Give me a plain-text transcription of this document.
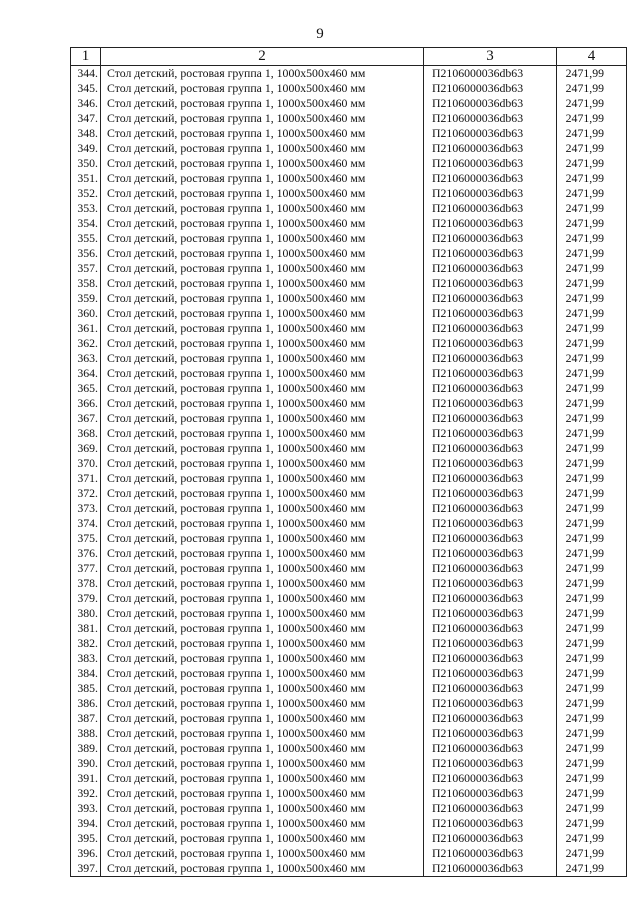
9
1	2	3	4
344.	Стол детский, ростовая группа 1, 1000х500х460 мм	П2106000036db63	2471,99
345.	Стол детский, ростовая группа 1, 1000х500х460 мм	П2106000036db63	2471,99
346.	Стол детский, ростовая группа 1, 1000х500х460 мм	П2106000036db63	2471,99
347.	Стол детский, ростовая группа 1, 1000х500х460 мм	П2106000036db63	2471,99
348.	Стол детский, ростовая группа 1, 1000х500х460 мм	П2106000036db63	2471,99
349.	Стол детский, ростовая группа 1, 1000х500х460 мм	П2106000036db63	2471,99
350.	Стол детский, ростовая группа 1, 1000х500х460 мм	П2106000036db63	2471,99
351.	Стол детский, ростовая группа 1, 1000х500х460 мм	П2106000036db63	2471,99
352.	Стол детский, ростовая группа 1, 1000х500х460 мм	П2106000036db63	2471,99
353.	Стол детский, ростовая группа 1, 1000х500х460 мм	П2106000036db63	2471,99
354.	Стол детский, ростовая группа 1, 1000х500х460 мм	П2106000036db63	2471,99
355.	Стол детский, ростовая группа 1, 1000х500х460 мм	П2106000036db63	2471,99
356.	Стол детский, ростовая группа 1, 1000х500х460 мм	П2106000036db63	2471,99
357.	Стол детский, ростовая группа 1, 1000х500х460 мм	П2106000036db63	2471,99
358.	Стол детский, ростовая группа 1, 1000х500х460 мм	П2106000036db63	2471,99
359.	Стол детский, ростовая группа 1, 1000х500х460 мм	П2106000036db63	2471,99
360.	Стол детский, ростовая группа 1, 1000х500х460 мм	П2106000036db63	2471,99
361.	Стол детский, ростовая группа 1, 1000х500х460 мм	П2106000036db63	2471,99
362.	Стол детский, ростовая группа 1, 1000х500х460 мм	П2106000036db63	2471,99
363.	Стол детский, ростовая группа 1, 1000х500х460 мм	П2106000036db63	2471,99
364.	Стол детский, ростовая группа 1, 1000х500х460 мм	П2106000036db63	2471,99
365.	Стол детский, ростовая группа 1, 1000х500х460 мм	П2106000036db63	2471,99
366.	Стол детский, ростовая группа 1, 1000х500х460 мм	П2106000036db63	2471,99
367.	Стол детский, ростовая группа 1, 1000х500х460 мм	П2106000036db63	2471,99
368.	Стол детский, ростовая группа 1, 1000х500х460 мм	П2106000036db63	2471,99
369.	Стол детский, ростовая группа 1, 1000х500х460 мм	П2106000036db63	2471,99
370.	Стол детский, ростовая группа 1, 1000х500х460 мм	П2106000036db63	2471,99
371.	Стол детский, ростовая группа 1, 1000х500х460 мм	П2106000036db63	2471,99
372.	Стол детский, ростовая группа 1, 1000х500х460 мм	П2106000036db63	2471,99
373.	Стол детский, ростовая группа 1, 1000х500х460 мм	П2106000036db63	2471,99
374.	Стол детский, ростовая группа 1, 1000х500х460 мм	П2106000036db63	2471,99
375.	Стол детский, ростовая группа 1, 1000х500х460 мм	П2106000036db63	2471,99
376.	Стол детский, ростовая группа 1, 1000х500х460 мм	П2106000036db63	2471,99
377.	Стол детский, ростовая группа 1, 1000х500х460 мм	П2106000036db63	2471,99
378.	Стол детский, ростовая группа 1, 1000х500х460 мм	П2106000036db63	2471,99
379.	Стол детский, ростовая группа 1, 1000х500х460 мм	П2106000036db63	2471,99
380.	Стол детский, ростовая группа 1, 1000х500х460 мм	П2106000036db63	2471,99
381.	Стол детский, ростовая группа 1, 1000х500х460 мм	П2106000036db63	2471,99
382.	Стол детский, ростовая группа 1, 1000х500х460 мм	П2106000036db63	2471,99
383.	Стол детский, ростовая группа 1, 1000х500х460 мм	П2106000036db63	2471,99
384.	Стол детский, ростовая группа 1, 1000х500х460 мм	П2106000036db63	2471,99
385.	Стол детский, ростовая группа 1, 1000х500х460 мм	П2106000036db63	2471,99
386.	Стол детский, ростовая группа 1, 1000х500х460 мм	П2106000036db63	2471,99
387.	Стол детский, ростовая группа 1, 1000х500х460 мм	П2106000036db63	2471,99
388.	Стол детский, ростовая группа 1, 1000х500х460 мм	П2106000036db63	2471,99
389.	Стол детский, ростовая группа 1, 1000х500х460 мм	П2106000036db63	2471,99
390.	Стол детский, ростовая группа 1, 1000х500х460 мм	П2106000036db63	2471,99
391.	Стол детский, ростовая группа 1, 1000х500х460 мм	П2106000036db63	2471,99
392.	Стол детский, ростовая группа 1, 1000х500х460 мм	П2106000036db63	2471,99
393.	Стол детский, ростовая группа 1, 1000х500х460 мм	П2106000036db63	2471,99
394.	Стол детский, ростовая группа 1, 1000х500х460 мм	П2106000036db63	2471,99
395.	Стол детский, ростовая группа 1, 1000х500х460 мм	П2106000036db63	2471,99
396.	Стол детский, ростовая группа 1, 1000х500х460 мм	П2106000036db63	2471,99
397.	Стол детский, ростовая группа 1, 1000х500х460 мм	П2106000036db63	2471,99
